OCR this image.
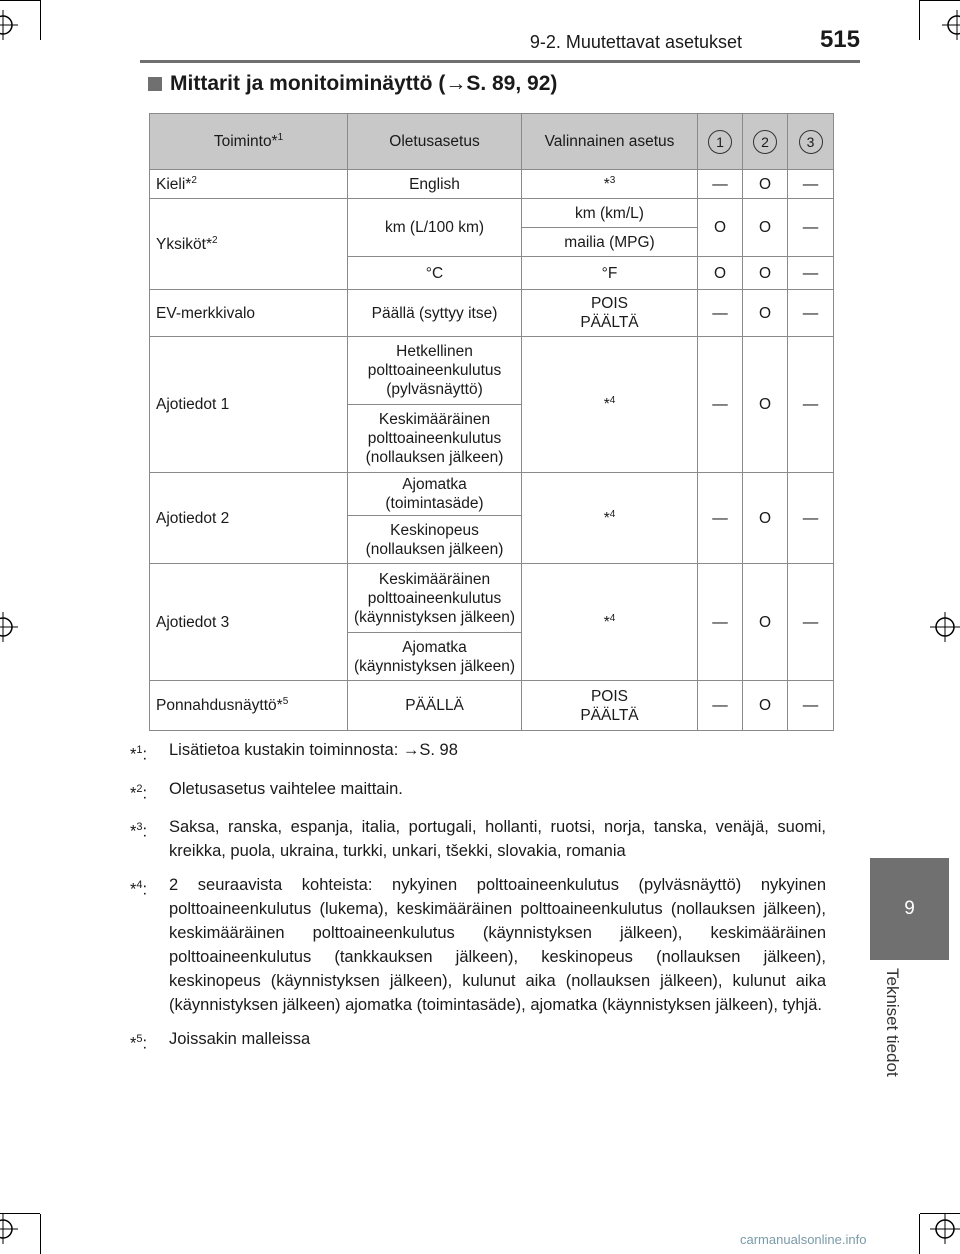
9-2. Muutettavat asetukset	515
Mittarit ja monitoiminäyttö (→S. 89, 92)
Toiminto*$^1$	Oletusasetus	Valinnainen asetus	1	2	3
Kieli*$^2$	English	*$^3$	—	O	—
Yksiköt*$^2$	km (L/100 km)	km (km/L)	O	O	—
		mailia (MPG)			
	°C	°F	O	O	—
EV-merkkivalo	Päällä (syttyy itse)	POIS PÄÄLTÄ	—	O	—
Ajotiedot 1	Hetkellinen polttoaineenkulutus (pylväsnäyttö)	*$^4$	—	O	—
	Keskimääräinen polttoaineenkulutus (nollauksen jälkeen)				
Ajotiedot 2	Ajomatka (toimintasäde)	*$^4$	—	O	—
	Keskinopeus (nollauksen jälkeen)				
Ajotiedot 3	Keskimääräinen polttoaineenkulutus (käynnistyksen jälkeen)	*$^4$	—	O	—
	Ajomatka (käynnistyksen jälkeen)				
Ponnahdusnäyttö*$^5$	PÄÄLLÄ	POIS PÄÄLTÄ	—	O	—
*$^1$:	Lisätietoa kustakin toiminnosta: →S. 98
*$^2$:	Oletusasetus vaihtelee maittain.
*$^3$:	Saksa, ranska, espanja, italia, portugali, hollanti, ruotsi, norja, tanska, venäjä, suomi, kreikka, puola, ukraina, turkki, unkari, tšekki, slovakia, romania
*$^4$:	2 seuraavista kohteista: nykyinen polttoaineenkulutus (pylväsnäyttö) nykyinen polttoaineenkulutus (lukema), keskimääräinen polttoaineenkulutus (nollauksen jälkeen), keskimääräinen polttoaineenkulutus (käynnistyksen jälkeen), keskimääräinen polttoaineenkulutus (tankkauksen jälkeen), keskinopeus (nollauksen jälkeen), keskinopeus (käynnistyksen jälkeen), kulunut aika (nollauksen jälkeen), kulunut aika (käynnistyksen jälkeen) ajomatka (toimintasäde), ajomatka (käynnistyksen jälkeen), tyhjä.
*$^5$:	Joissakin malleissa
9
Tekniset tiedot
carmanualsonline.info
